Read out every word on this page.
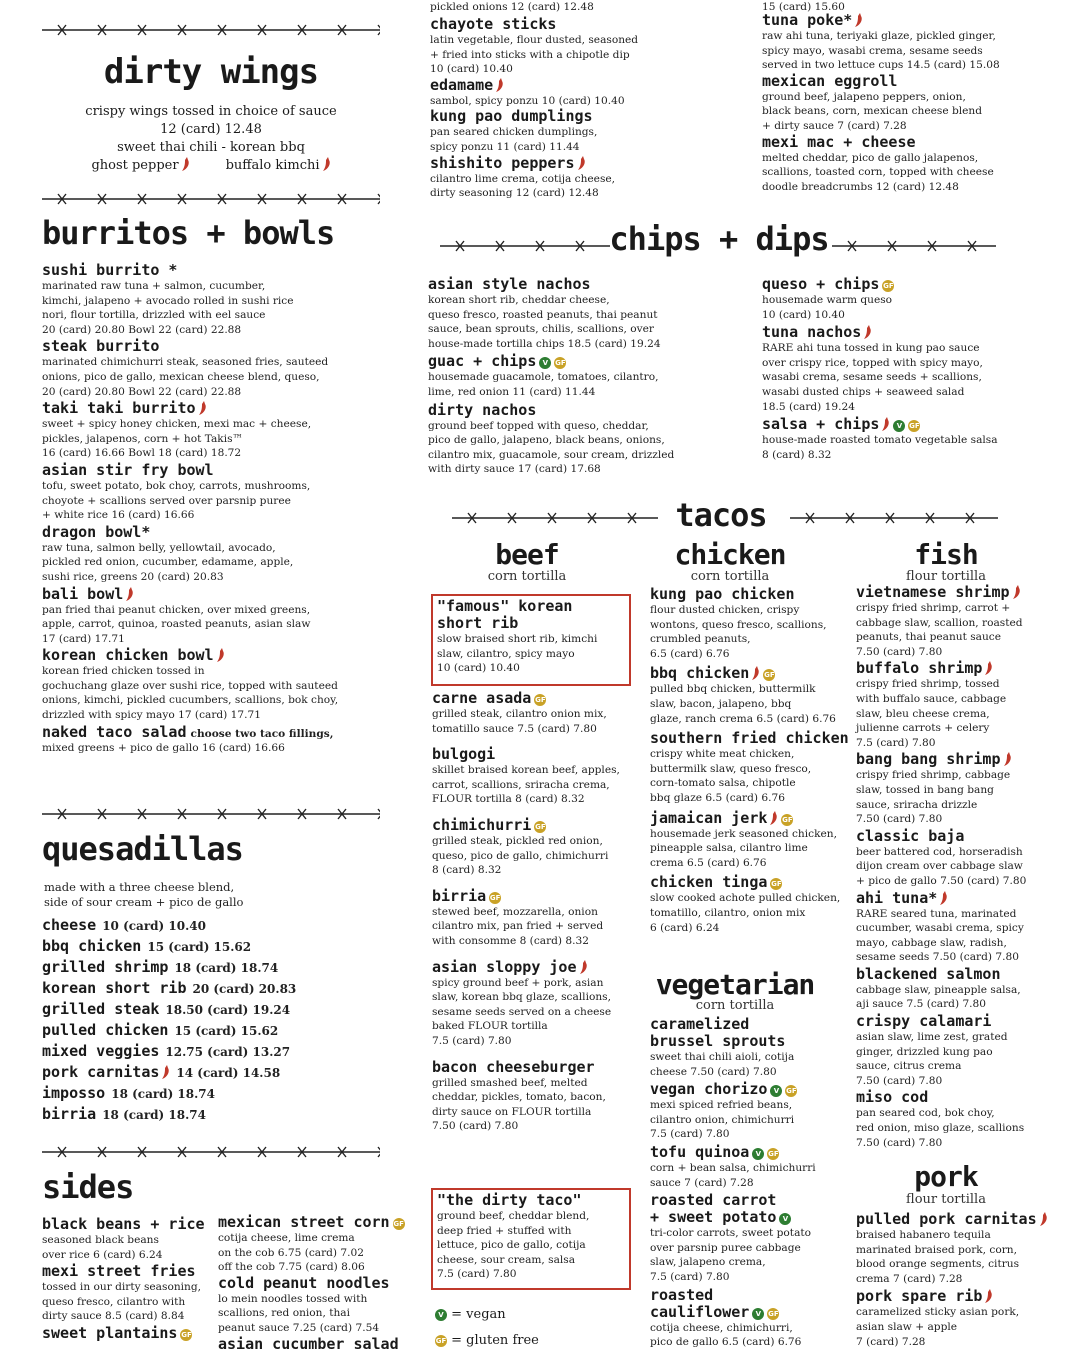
pickled onions 12 (card) 12.48	15 (card) 15.60
dirty wings
crispy wings tossed in choice of sauce
12 (card) 12.48
sweet thai chili - korean bbq
ghost pepper	buffalo kimchi
burritos + bowls
sushi burrito *
marinated raw tuna + salmon, cucumber,
kimchi, jalapeno + avocado rolled in sushi rice
nori, flour tortilla, drizzled with eel sauce
20 (card) 20.80 Bowl 22 (card) 22.88
steak burrito
marinated chimichurri steak, seasoned fries, sauteed
onions, pico de gallo, mexican cheese blend, queso,
20 (card) 20.80 Bowl 22 (card) 22.88
taki taki burrito
sweet + spicy honey chicken, mexi mac + cheese,
pickles, jalapenos, corn + hot Takis™
16 (card) 16.66 Bowl 18 (card) 18.72
asian stir fry bowl
tofu, sweet potato, bok choy, carrots, mushrooms,
choyote + scallions served over parsnip puree
+ white rice 16 (card) 16.66
dragon bowl*
raw tuna, salmon belly, yellowtail, avocado,
pickled red onion, cucumber, edamame, apple,
sushi rice, greens 20 (card) 20.83
bali bowl
pan fried thai peanut chicken, over mixed greens,
apple, carrot, quinoa, roasted peanuts, asian slaw
17 (card) 17.71
korean chicken bowl
korean fried chicken tossed in
gochuchang glaze over sushi rice, topped with sauteed
onions, kimchi, pickled cucumbers, scallions, bok choy,
drizzled with spicy mayo 17 (card) 17.71
naked taco salad choose two taco fillings,
mixed greens + pico de gallo 16 (card) 16.66
quesadillas
made with a three cheese blend,
side of sour cream + pico de gallo
cheese 10 (card) 10.40
bbq chicken 15 (card) 15.62
grilled shrimp 18 (card) 18.74
korean short rib 20 (card) 20.83
grilled steak 18.50 (card) 19.24
pulled chicken 15 (card) 15.62
mixed veggies 12.75 (card) 13.27
pork carnitas 14 (card) 14.58
impossο 18 (card) 18.74
birria 18 (card) 18.74
sides
black beans + rice
seasoned black beans
over rice 6 (card) 6.24
mexi street fries
tossed in our dirty seasoning,
queso fresco, cilantro with
dirty sauce 8.5 (card) 8.84
sweet plantains GF
mexican street corn GF
cotija cheese, lime crema
on the cob 6.75 (card) 7.02
off the cob 7.75 (card) 8.06
cold peanut noodles
lo mein noodles tossed with
scallions, red onion, thai
peanut sauce 7.25 (card) 7.54
asian cucumber salad
chayote sticks
latin vegetable, flour dusted, seasoned
+ fried into sticks with a chipotle dip
10 (card) 10.40
edamame
sambol, spicy ponzu 10 (card) 10.40
kung pao dumplings
pan seared chicken dumplings,
spicy ponzu 11 (card) 11.44
shishito peppers
cilantro lime crema, cotija cheese,
dirty seasoning 12 (card) 12.48
tuna poke*
raw ahi tuna, teriyaki glaze, pickled ginger,
spicy mayo, wasabi crema, sesame seeds
served in two lettuce cups 14.5 (card) 15.08
mexican eggroll
ground beef, jalapeno peppers, onion,
black beans, corn, mexican cheese blend
+ dirty sauce 7 (card) 7.28
mexi mac + cheese
melted cheddar, pico de gallo jalapenos,
scallions, toasted corn, topped with cheese
doodle breadcrumbs 12 (card) 12.48
chips + dips
asian style nachos
korean short rib, cheddar cheese,
queso fresco, roasted peanuts, thai peanut
sauce, bean sprouts, chilis, scallions, over
house-made tortilla chips 18.5 (card) 19.24
guac + chips V GF
housemade guacamole, tomatoes, cilantro,
lime, red onion 11 (card) 11.44
dirty nachos
ground beef topped with queso, cheddar,
pico de gallo, jalapeno, black beans, onions,
cilantro mix, guacamole, sour cream, drizzled
with dirty sauce 17 (card) 17.68
queso + chips GF
housemade warm queso
10 (card) 10.40
tuna nachos
RARE ahi tuna tossed in kung pao sauce
over crispy rice, topped with spicy mayo,
wasabi crema, sesame seeds + scallions,
wasabi dusted chips + seaweed salad
18.5 (card) 19.24
salsa + chips V GF
house-made roasted tomato vegetable salsa
8 (card) 8.32
tacos
beef
corn tortilla
"famous" korean
short rib
slow braised short rib, kimchi
slaw, cilantro, spicy mayo
10 (card) 10.40
carne asada GF
grilled steak, cilantro onion mix,
tomatillo sauce 7.5 (card) 7.80
bulgogi
skillet braised korean beef, apples,
carrot, scallions, sriracha crema,
FLOUR tortilla 8 (card) 8.32
chimichurri GF
grilled steak, pickled red onion,
queso, pico de gallo, chimichurri
8 (card) 8.32
birria GF
stewed beef, mozzarella, onion
cilantro mix, pan fried + served
with consomme 8 (card) 8.32
asian sloppy joe
spicy ground beef + pork, asian
slaw, korean bbq glaze, scallions,
sesame seeds served on a cheese
baked FLOUR tortilla
7.5 (card) 7.80
bacon cheeseburger
grilled smashed beef, melted
cheddar, pickles, tomato, bacon,
dirty sauce on FLOUR tortilla
7.50 (card) 7.80
"the dirty taco"
ground beef, cheddar blend,
deep fried + stuffed with
lettuce, pico de gallo, cotija
cheese, sour cream, salsa
7.5 (card) 7.80
V = vegan
GF = gluten free
chicken
corn tortilla
kung pao chicken
flour dusted chicken, crispy
wontons, queso fresco, scallions,
crumbled peanuts,
6.5 (card) 6.76
bbq chicken GF
pulled bbq chicken, buttermilk
slaw, bacon, jalapeno, bbq
glaze, ranch crema 6.5 (card) 6.76
southern fried chicken
crispy white meat chicken,
buttermilk slaw, queso fresco,
corn-tomato salsa, chipotle
bbq glaze 6.5 (card) 6.76
jamaican jerk GF
housemade jerk seasoned chicken,
pineapple salsa, cilantro lime
crema 6.5 (card) 6.76
chicken tinga GF
slow cooked achote pulled chicken,
tomatillo, cilantro, onion mix
6 (card) 6.24
vegetarian
corn tortilla
caramelized
brussel sprouts
sweet thai chili aioli, cotija
cheese 7.50 (card) 7.80
vegan chorizo V GF
mexi spiced refried beans,
cilantro onion, chimichurri
7.5 (card) 7.80
tofu quinoa V GF
corn + bean salsa, chimichurri
sauce 7 (card) 7.28
roasted carrot
+ sweet potato V
tri-color carrots, sweet potato
over parsnip puree cabbage
slaw, jalapeno crema,
7.5 (card) 7.80
roasted
cauliflower V GF
cotija cheese, chimichurri,
pico de gallo 6.5 (card) 6.76
fish
flour tortilla
vietnamese shrimp
crispy fried shrimp, carrot +
cabbage slaw, scallion, roasted
peanuts, thai peanut sauce
7.50 (card) 7.80
buffalo shrimp
crispy fried shrimp, tossed
with buffalo sauce, cabbage
slaw, bleu cheese crema,
julienne carrots + celery
7.5 (card) 7.80
bang bang shrimp
crispy fried shrimp, cabbage
slaw, tossed in bang bang
sauce, sriracha drizzle
7.50 (card) 7.80
classic baja
beer battered cod, horseradish
dijon cream over cabbage slaw
+ pico de gallo 7.50 (card) 7.80
ahi tuna*
RARE seared tuna, marinated
cucumber, wasabi crema, spicy
mayo, cabbage slaw, radish,
sesame seeds 7.50 (card) 7.80
blackened salmon
cabbage slaw, pineapple salsa,
aji sauce 7.5 (card) 7.80
crispy calamari
asian slaw, lime zest, grated
ginger, drizzled kung pao
sauce, citrus crema
7.50 (card) 7.80
miso cod
pan seared cod, bok choy,
red onion, miso glaze, scallions
7.50 (card) 7.80
pork
flour tortilla
pulled pork carnitas
braised habanero tequila
marinated braised pork, corn,
blood orange segments, citrus
crema 7 (card) 7.28
pork spare rib
caramelized sticky asian pork,
asian slaw + apple
7 (card) 7.28
